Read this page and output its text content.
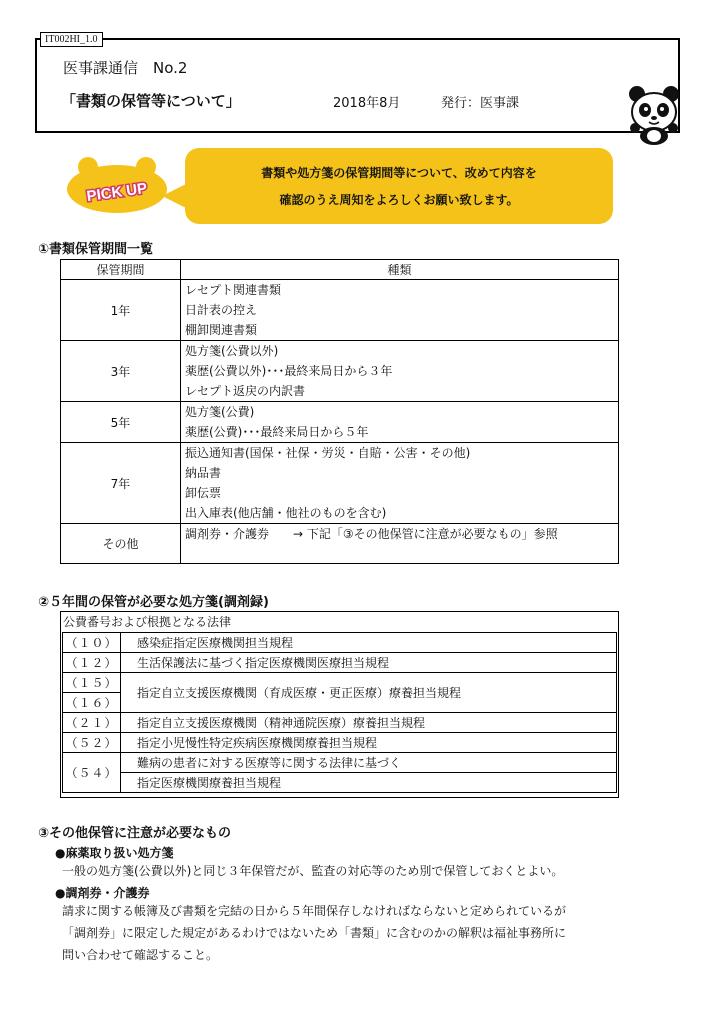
IT002HI_1.0
医事課通信　No.2
「書類の保管等について」	2018年8月	発行：医事課
PICK UP
書類や処方箋の保管期間等について、改めて内容を
確認のうえ周知をよろしくお願い致します。
①書類保管期間一覧
保管期間	種類
1年	レセプト関連書類
日計表の控え
棚卸関連書類

3年	処方箋(公費以外)
薬歴(公費以外)･･･最終来局日から３年
レセプト返戻の内訳書

5年	処方箋(公費)
薬歴(公費)･･･最終来局日から５年

7年	振込通知書(国保・社保・労災・自賠・公害・その他)
納品書
卸伝票
出入庫表(他店舗・他社のものを含む)

その他	調剤券・介護券　　→ 下記「③その他保管に注意が必要なもの」参照
②５年間の保管が必要な処方箋(調剤録)
公費番号および根拠となる法律
（１０）	感染症指定医療機関担当規程
（１２）	生活保護法に基づく指定医療機関医療担当規程
（１５）	指定自立支援医療機関（育成医療・更正医療）療養担当規程
（１６）	
（２１）	指定自立支援医療機関（精神通院医療）療養担当規程
（５２）	指定小児慢性特定疾病医療機関療養担当規程
（５４）	難病の患者に対する医療等に関する法律に基づく
	指定医療機関療養担当規程
③その他保管に注意が必要なもの
●麻薬取り扱い処方箋
一般の処方箋(公費以外)と同じ３年保管だが、監査の対応等のため別で保管しておくとよい。
●調剤券・介護券
請求に関する帳簿及び書類を完結の日から５年間保存しなければならないと定められているが
「調剤券」に限定した規定があるわけではないため「書類」に含むのかの解釈は福祉事務所に
問い合わせて確認すること。
